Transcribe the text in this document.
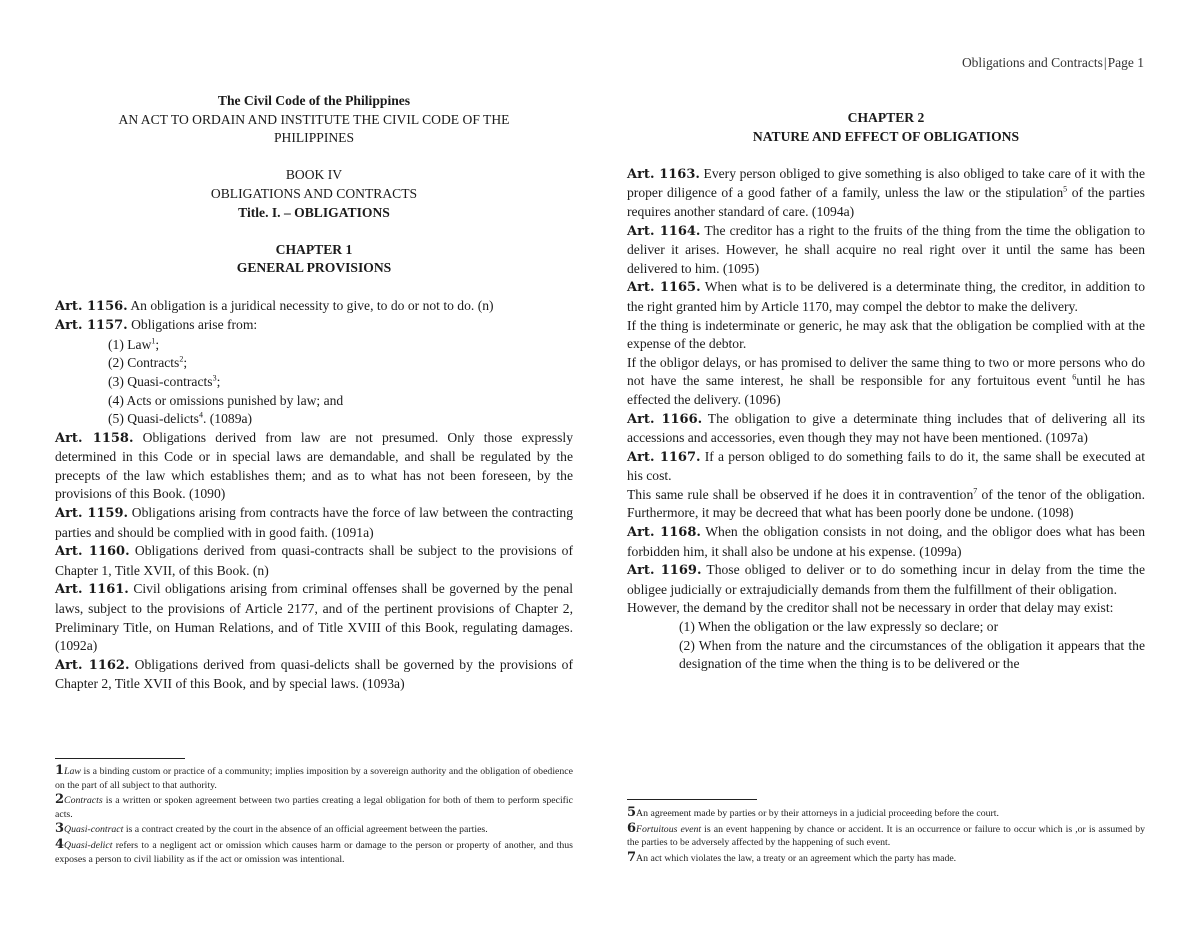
Obligations and Contracts|Page 1
The Civil Code of the Philippines
AN ACT TO ORDAIN AND INSTITUTE THE CIVIL CODE OF THE PHILIPPINES
BOOK IV
OBLIGATIONS AND CONTRACTS
Title. I. – OBLIGATIONS
CHAPTER 1
GENERAL PROVISIONS

Art. 1156. An obligation is a juridical necessity to give, to do or not to do. (n)

Art. 1157. Obligations arise from:

(1) Law$^1$;
(2) Contracts$^2$;
(3) Quasi-contracts$^3$;
(4) Acts or omissions punished by law; and
(5) Quasi-delicts$^4$. (1089a)

Art. 1158. Obligations derived from law are not presumed. Only those expressly determined in this Code or in special laws are demandable, and shall be regulated by the precepts of the law which establishes them; and as to what has not been foreseen, by the provisions of this Book. (1090)

Art. 1159. Obligations arising from contracts have the force of law between the contracting parties and should be complied with in good faith. (1091a)

Art. 1160. Obligations derived from quasi-contracts shall be subject to the provisions of Chapter 1, Title XVII, of this Book. (n)

Art. 1161. Civil obligations arising from criminal offenses shall be governed by the penal laws, subject to the provisions of Article 2177, and of the pertinent provisions of Chapter 2, Preliminary Title, on Human Relations, and of Title XVIII of this Book, regulating damages. (1092a)

Art. 1162. Obligations derived from quasi-delicts shall be governed by the provisions of Chapter 2, Title XVII of this Book, and by special laws. (1093a)

1Law is a binding custom or practice of a community; implies imposition by a sovereign authority and the obligation of obedience on the part of all subject to that authority.

2Contracts is a written or spoken agreement between two parties creating a legal obligation for both of them to perform specific acts.

3Quasi-contract is a contract created by the court in the absence of an official agreement between the parties.

4Quasi-delict refers to a negligent act or omission which causes harm or damage to the person or property of another, and thus exposes a person to civil liability as if the act or omission was intentional.

CHAPTER 2
NATURE AND EFFECT OF OBLIGATIONS

Art. 1163. Every person obliged to give something is also obliged to take care of it with the proper diligence of a good father of a family, unless the law or the stipulation$^5$ of the parties requires another standard of care. (1094a)

Art. 1164. The creditor has a right to the fruits of the thing from the time the obligation to deliver it arises. However, he shall acquire no real right over it until the same has been delivered to him. (1095)

Art. 1165. When what is to be delivered is a determinate thing, the creditor, in addition to the right granted him by Article 1170, may compel the debtor to make the delivery.

If the thing is indeterminate or generic, he may ask that the obligation be complied with at the expense of the debtor.

If the obligor delays, or has promised to deliver the same thing to two or more persons who do not have the same interest, he shall be responsible for any fortuitous event $^6$until he has effected the delivery. (1096)

Art. 1166. The obligation to give a determinate thing includes that of delivering all its accessions and accessories, even though they may not have been mentioned. (1097a)

Art. 1167. If a person obliged to do something fails to do it, the same shall be executed at his cost.

This same rule shall be observed if he does it in contravention$^7$ of the tenor of the obligation. Furthermore, it may be decreed that what has been poorly done be undone. (1098)

Art. 1168. When the obligation consists in not doing, and the obligor does what has been forbidden him, it shall also be undone at his expense. (1099a)

Art. 1169. Those obliged to deliver or to do something incur in delay from the time the obligee judicially or extrajudicially demands from them the fulfillment of their obligation.

However, the demand by the creditor shall not be necessary in order that delay may exist:

(1) When the obligation or the law expressly so declare; or
(2) When from the nature and the circumstances of the obligation it appears that the designation of the time when the thing is to be delivered or the

5An agreement made by parties or by their attorneys in a judicial proceeding before the court.

6Fortuitous event is an event happening by chance or accident. It is an occurrence or failure to occur which is ,or is assumed by the parties to be adversely affected by the happening of such event.

7An act which violates the law, a treaty or an agreement which the party has made.
